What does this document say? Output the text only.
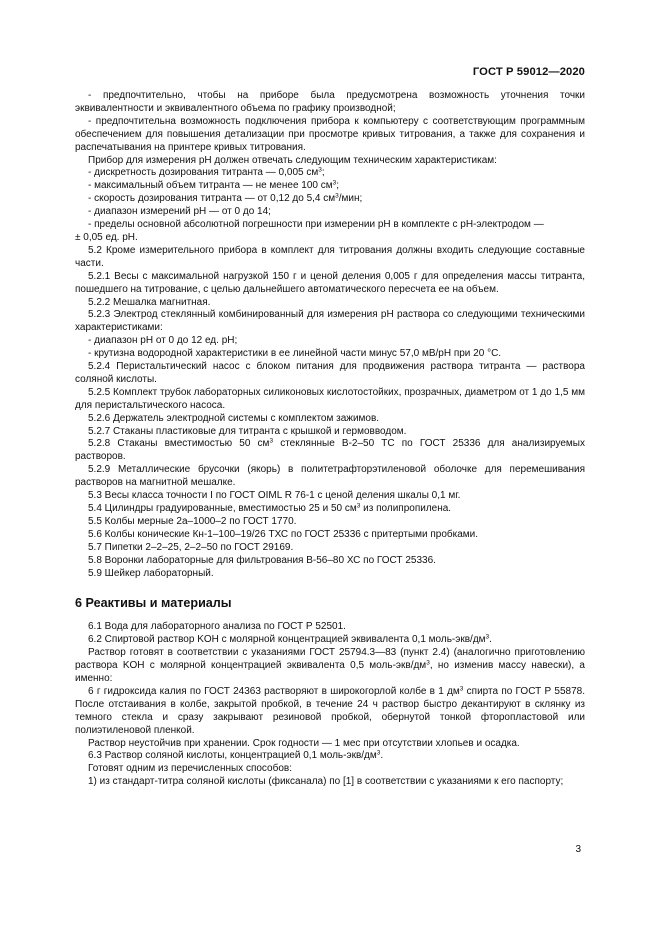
ГОСТ Р 59012—2020

- предпочтительно, чтобы на приборе была предусмотрена возможность уточнения точки эквивалентности и эквивалентного объема по графику производной;

- предпочтительна возможность подключения прибора к компьютеру с соответствующим программным обеспечением для повышения детализации при просмотре кривых титрования, а также для сохранения и распечатывания на принтере кривых титрования.

Прибор для измерения pH должен отвечать следующим техническим характеристикам:

- дискретность дозирования титранта — 0,005 $см^3$;

- максимальный объем титранта — не менее 100 $см^3$;

- скорость дозирования титранта — от 0,12 до 5,4 $см^3$/мин;

- диапазон измерений pH — от 0 до 14;

- пределы основной абсолютной погрешности при измерении pH в комплекте с pH-электродом —

± 0,05 ед. pH.

5.2 Кроме измерительного прибора в комплект для титрования должны входить следующие составные части.

5.2.1 Весы с максимальной нагрузкой 150 г и ценой деления 0,005 г для определения массы титранта, пошедшего на титрование, с целью дальнейшего автоматического пересчета ее на объем.

5.2.2 Мешалка магнитная.

5.2.3 Электрод стеклянный комбинированный для измерения pH раствора со следующими техническими характеристиками:

- диапазон pH от 0 до 12 ед. pH;

- крутизна водородной характеристики в ее линейной части минус 57,0 мВ/pH при 20 °C.

5.2.4 Перистальтический насос с блоком питания для продвижения раствора титранта — раствора соляной кислоты.

5.2.5 Комплект трубок лабораторных силиконовых кислотостойких, прозрачных, диаметром от 1 до 1,5 мм для перистальтического насоса.

5.2.6 Держатель электродной системы с комплектом зажимов.

5.2.7 Стаканы пластиковые для титранта с крышкой и гермовводом.

5.2.8 Стаканы вместимостью 50 $см^3$ стеклянные В-2–50 ТС по ГОСТ 25336 для анализируемых растворов.

5.2.9 Металлические брусочки (якорь) в политетрафторэтиленовой оболочке для перемешивания растворов на магнитной мешалке.

5.3 Весы класса точности I по ГОСТ OIML R 76-1 с ценой деления шкалы 0,1 мг.

5.4 Цилиндры градуированные, вместимостью 25 и 50 $см^3$ из полипропилена.

5.5 Колбы мерные 2а–1000–2 по ГОСТ 1770.

5.6 Колбы конические Кн-1–100–19/26 ТХС по ГОСТ 25336 с притертыми пробками.

5.7 Пипетки 2–2–25, 2–2–50 по ГОСТ 29169.

5.8 Воронки лабораторные для фильтрования В-56–80 ХС по ГОСТ 25336.

5.9 Шейкер лабораторный.

6 Реактивы и материалы

6.1 Вода для лабораторного анализа по ГОСТ Р 52501.

6.2 Спиртовой раствор KOH с молярной концентрацией эквивалента 0,1 моль-$экв/дм^3$.

Раствор готовят в соответствии с указаниями ГОСТ 25794.3—83 (пункт 2.4) (аналогично приготовлению раствора KOH с молярной концентрацией эквивалента 0,5 моль-$экв/дм^3$, но изменив массу навески), а именно:

6 г гидроксида калия по ГОСТ 24363 растворяют в широкогорлой колбе в 1 $дм^3$ спирта по ГОСТ Р 55878. После отстаивания в колбе, закрытой пробкой, в течение 24 ч раствор быстро декантируют в склянку из темного стекла и сразу закрывают резиновой пробкой, обернутой тонкой фторопластовой или полиэтиленовой пленкой.

Раствор неустойчив при хранении. Срок годности — 1 мес при отсутствии хлопьев и осадка.

6.3 Раствор соляной кислоты, концентрацией 0,1 моль-$экв/дм^3$.

Готовят одним из перечисленных способов:

1) из стандарт-титра соляной кислоты (фиксанала) по [1] в соответствии с указаниями к его паспорту;

3
